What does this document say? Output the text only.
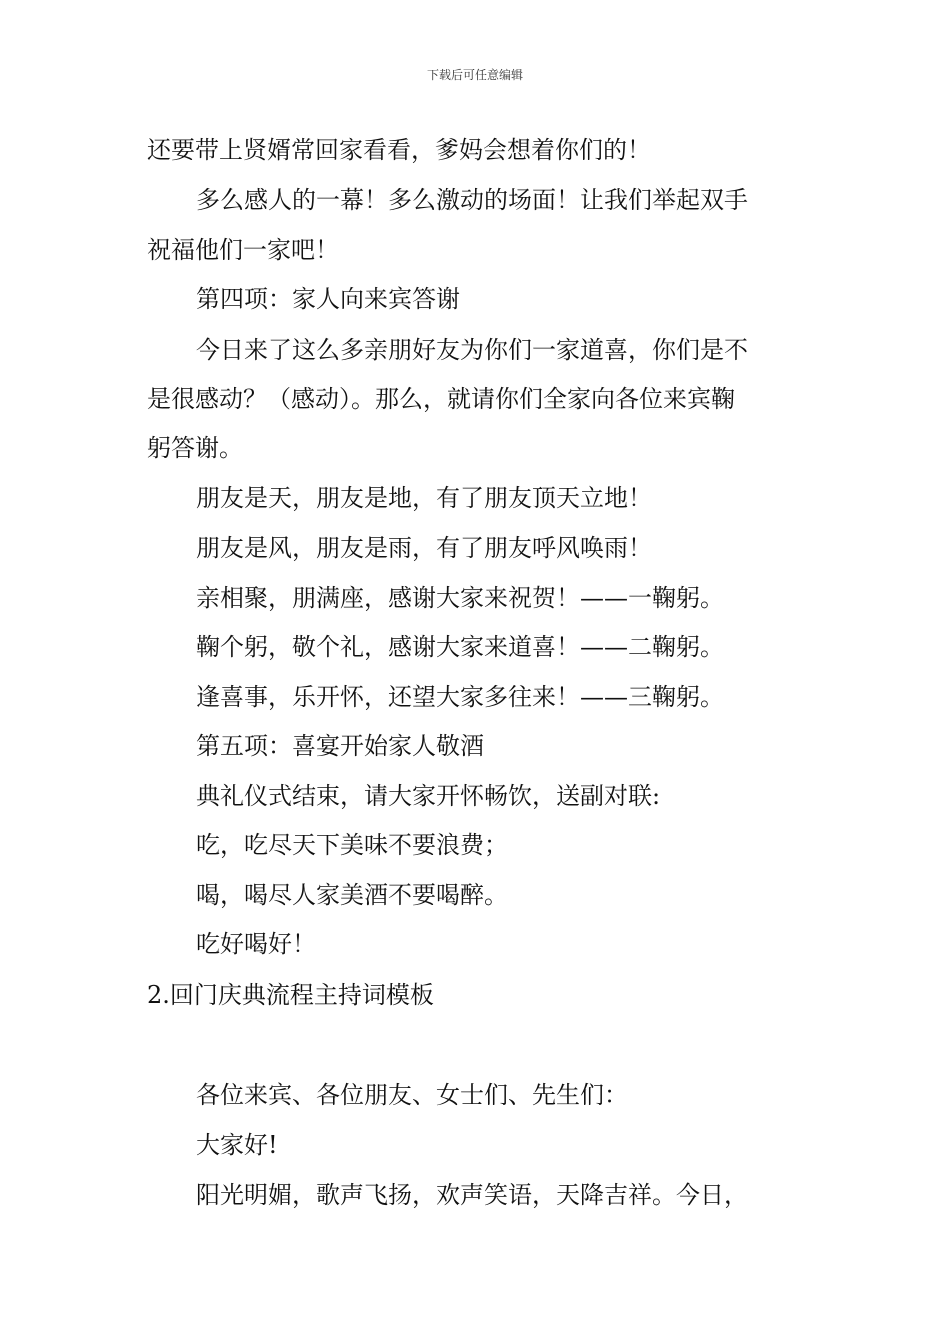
下载后可任意编辑
还要带上贤婿常回家看看，爹妈会想着你们的！
多么感人的一幕！多么激动的场面！让我们举起双手
祝福他们一家吧！
第四项：家人向来宾答谢
今日来了这么多亲朋好友为你们一家道喜，你们是不
是很感动？（感动）。那么，就请你们全家向各位来宾鞠
躬答谢。
朋友是天，朋友是地，有了朋友顶天立地！
朋友是风，朋友是雨，有了朋友呼风唤雨！
亲相聚，朋满座，感谢大家来祝贺！——一鞠躬。
鞠个躬，敬个礼，感谢大家来道喜！——二鞠躬。
逢喜事，乐开怀，还望大家多往来！——三鞠躬。
第五项：喜宴开始家人敬酒
典礼仪式结束，请大家开怀畅饮，送副对联:
吃，吃尽天下美味不要浪费；
喝，喝尽人家美酒不要喝醉。
吃好喝好！
2.回门庆典流程主持词模板
各位来宾、各位朋友、女士们、先生们：
大家好!
阳光明媚，歌声飞扬，欢声笑语，天降吉祥。今日，
